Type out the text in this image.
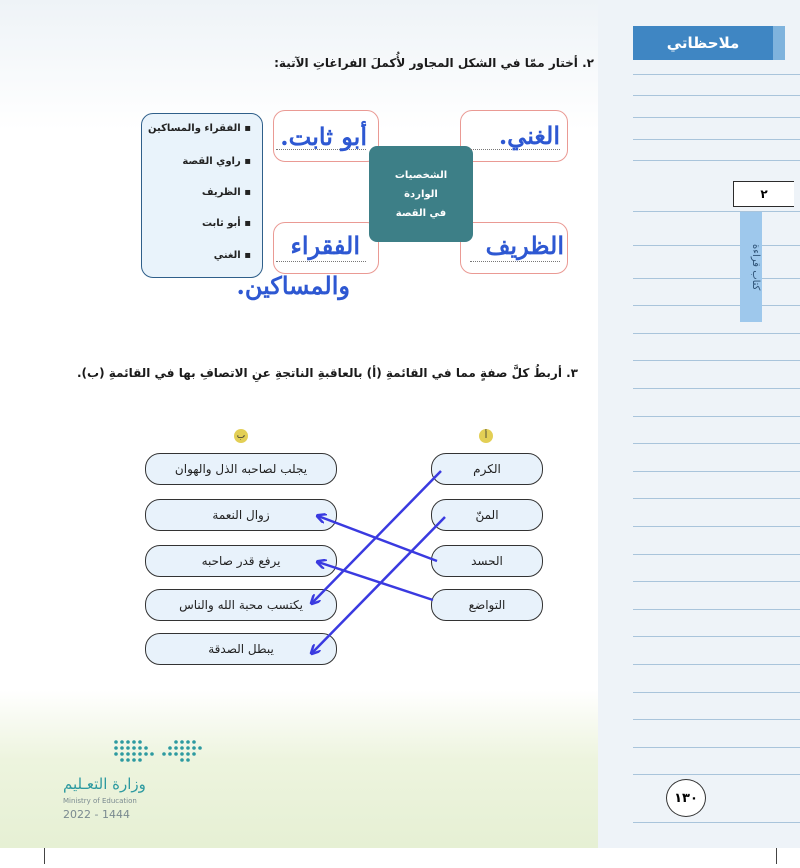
ملاحظاتي
٢
كتاب قراءة
١٣٠
٢. أختار ممّا في الشكل المجاور لأُكملَ الفراغاتِ الآتية:
▪ الفقراء والمساكين
▪ راوي القصة
▪ الظريف
▪ أبو ثابت
▪ الغني
الشخصيات
الواردة
في القصة
أبو ثابت.	الغني.
الظريف
الفقراء
والمساكين.
٣. أربطُ كلَّ صفةٍ مما في القائمةِ (أ) بالعاقبةِ الناتجةِ عنِ الاتصافِ بها في القائمةِ (ب).
ب	أ
الكرم
المنّ
الحسد
التواضع
يجلب لصاحبه الذل والهوان
زوال النعمة
يرفع قدر صاحبه
يكتسب محبة الله والناس
يبطل الصدقة
وزارة التعـليم
Ministry of Education
2022 - 1444
